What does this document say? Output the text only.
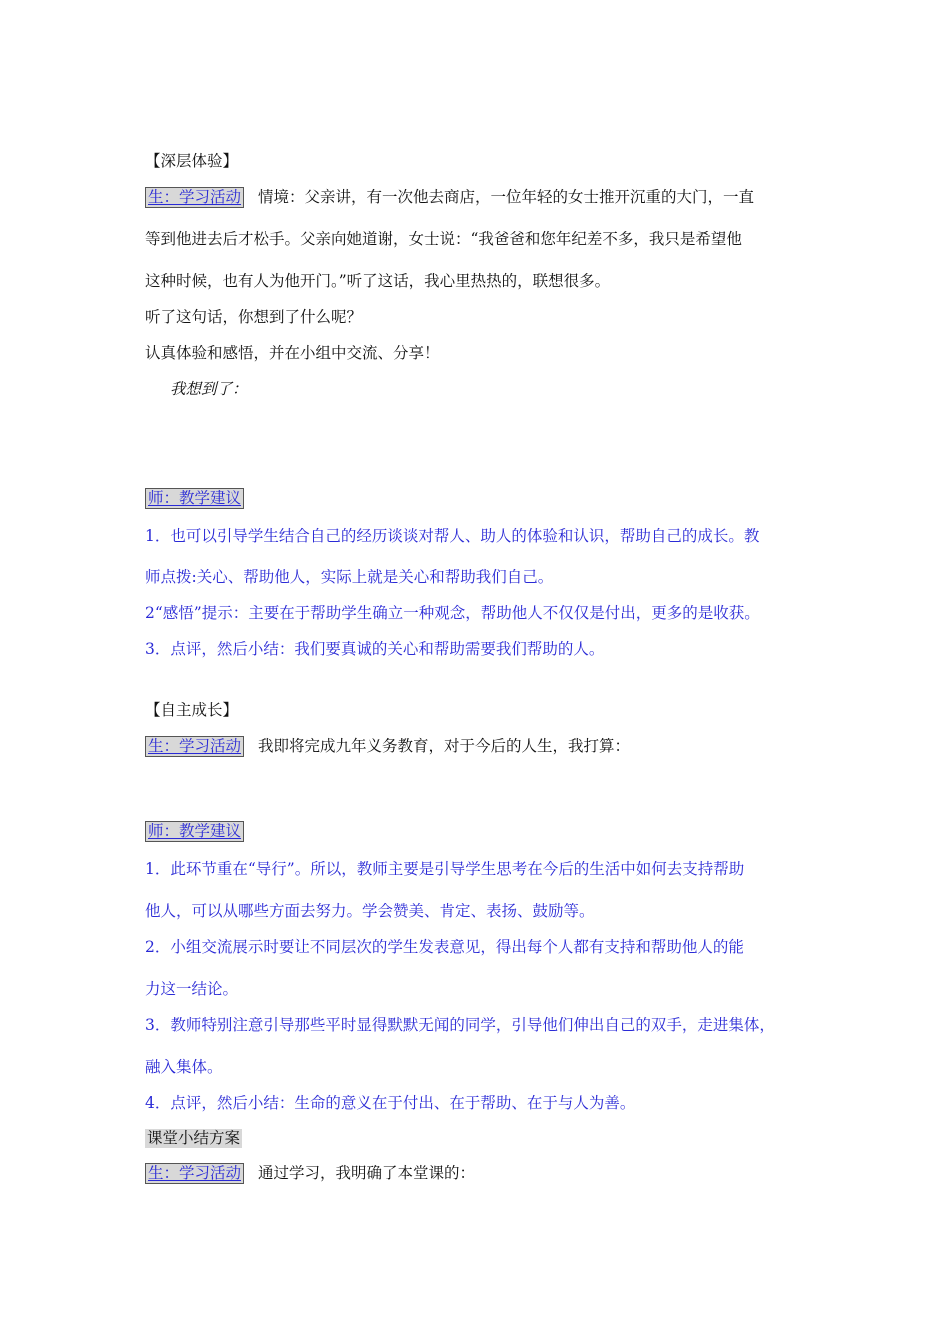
【深层体验】
生：学习活动 情境：父亲讲，有一次他去商店，一位年轻的女士推开沉重的大门，一直
等到他进去后才松手。父亲向她道谢，女士说：“我爸爸和您年纪差不多，我只是希望他
这种时候，也有人为他开门。”听了这话，我心里热热的，联想很多。
听了这句话，你想到了什么呢？
认真体验和感悟，并在小组中交流、分享！
我想到了：
师：教学建议
1．也可以引导学生结合自己的经历谈谈对帮人、助人的体验和认识，帮助自己的成长。教
师点拨:关心、帮助他人，实际上就是关心和帮助我们自己。
2“感悟”提示：主要在于帮助学生确立一种观念，帮助他人不仅仅是付出，更多的是收获。
3．点评，然后小结：我们要真诚的关心和帮助需要我们帮助的人。
【自主成长】
生：学习活动 我即将完成九年义务教育，对于今后的人生，我打算：
师：教学建议
1．此环节重在“导行”。所以，教师主要是引导学生思考在今后的生活中如何去支持帮助
他人，可以从哪些方面去努力。学会赞美、肯定、表扬、鼓励等。
2．小组交流展示时要让不同层次的学生发表意见，得出每个人都有支持和帮助他人的能
力这一结论。
3．教师特别注意引导那些平时显得默默无闻的同学，引导他们伸出自己的双手，走进集体，
融入集体。
4．点评，然后小结：生命的意义在于付出、在于帮助、在于与人为善。
课堂小结方案
生：学习活动 通过学习，我明确了本堂课的：
